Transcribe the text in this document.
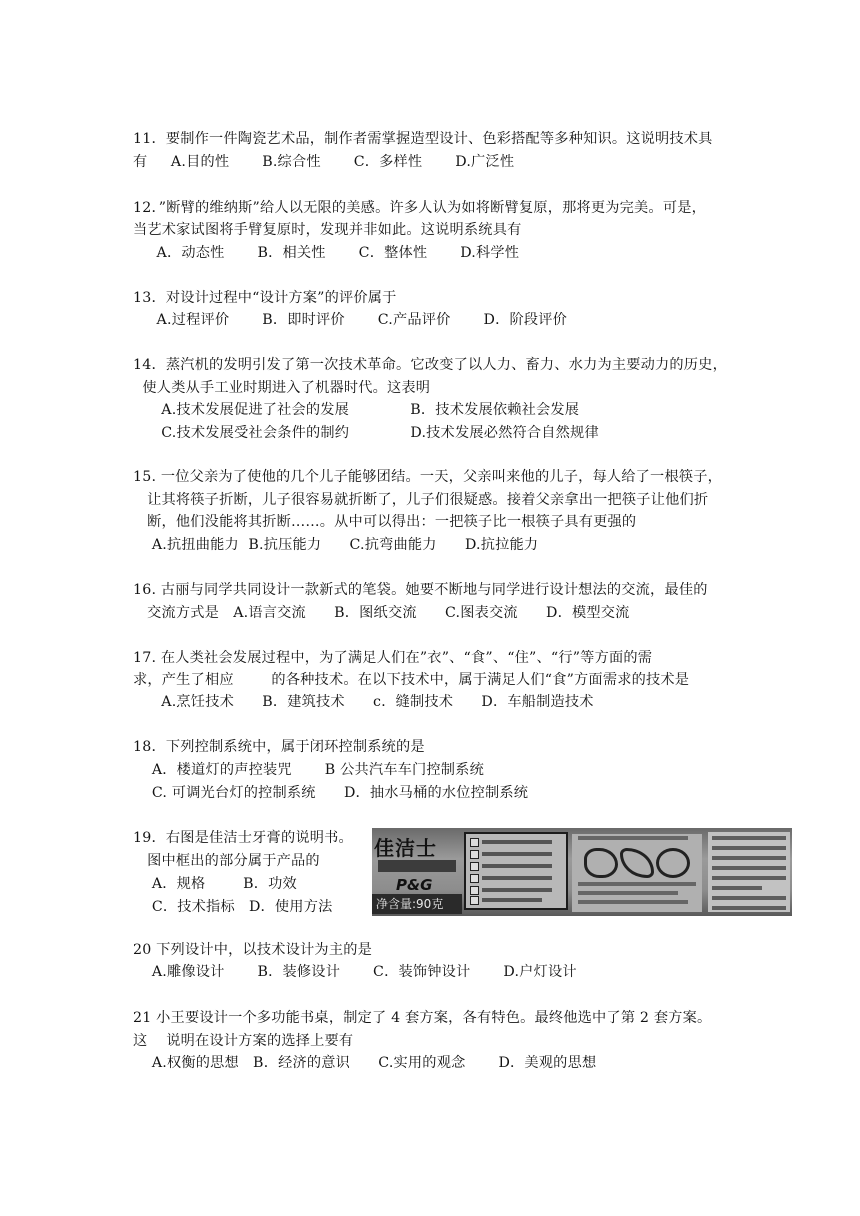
11．要制作一件陶瓷艺术品，制作者需掌握造型设计、色彩搭配等多种知识。这说明技术具
有     A.目的性       B.综合性       C．多样性       D.广泛性
12．”断臂的维纳斯”给人以无限的美感。许多人认为如将断臂复原，那将更为完美。可是，
当艺术家试图将手臂复原时，发现并非如此。这说明系统具有
A．动态性       B．相关性       C．整体性       D.科学性
13．对设计过程中“设计方案”的评价属于
A.过程评价       B．即时评价       C.产品评价       D．阶段评价
14．蒸汽机的发明引发了第一次技术革命。它改变了以人力、畜力、水力为主要动力的历史，
使人类从手工业时期进入了机器时代。这表明
A.技术发展促进了社会的发展             B．技术发展依赖社会发展
C.技术发展受社会条件的制约             D.技术发展必然符合自然规律
15. 一位父亲为了使他的几个儿子能够团结。一天，父亲叫来他的儿子，每人给了一根筷子，
让其将筷子折断，儿子很容易就折断了，儿子们很疑惑。接着父亲拿出一把筷子让他们折
断，他们没能将其折断……。从中可以得出：一把筷子比一根筷子具有更强的
A.抗扭曲能力  B.抗压能力      C.抗弯曲能力      D.抗拉能力
16. 古丽与同学共同设计一款新式的笔袋。她要不断地与同学进行设计想法的交流，最佳的
交流方式是   A.语言交流      B．图纸交流      C.图表交流      D．模型交流
17. 在人类社会发展过程中，为了满足人们在”衣”、“食”、“住”、“行”等方面的需
求，产生了相应        的各种技术。在以下技术中，属于满足人们“食”方面需求的技术是
A.烹饪技术      B．建筑技术      c．缝制技术      D．车船制造技术
18．下列控制系统中，属于闭环控制系统的是
A．楼道灯的声控装咒       B 公共汽车车门控制系统
C. 可调光台灯的控制系统      D．抽水马桶的水位控制系统
19．右图是佳洁士牙膏的说明书。
图中框出的部分属于产品的
A．规格        B．功效
C．技术指标   D．使用方法
佳洁士
P&G
净含量:90克
20 下列设计中，以技术设计为主的是
A.雕像设计       B．装修设计       C．装饰钟设计       D.户灯设计
21 小王要设计一个多功能书桌，制定了 4 套方案，各有特色。最终他选中了第 2 套方案。
这    说明在设计方案的选择上要有
A.权衡的思想   B．经济的意识      C.实用的观念       D．美观的思想
